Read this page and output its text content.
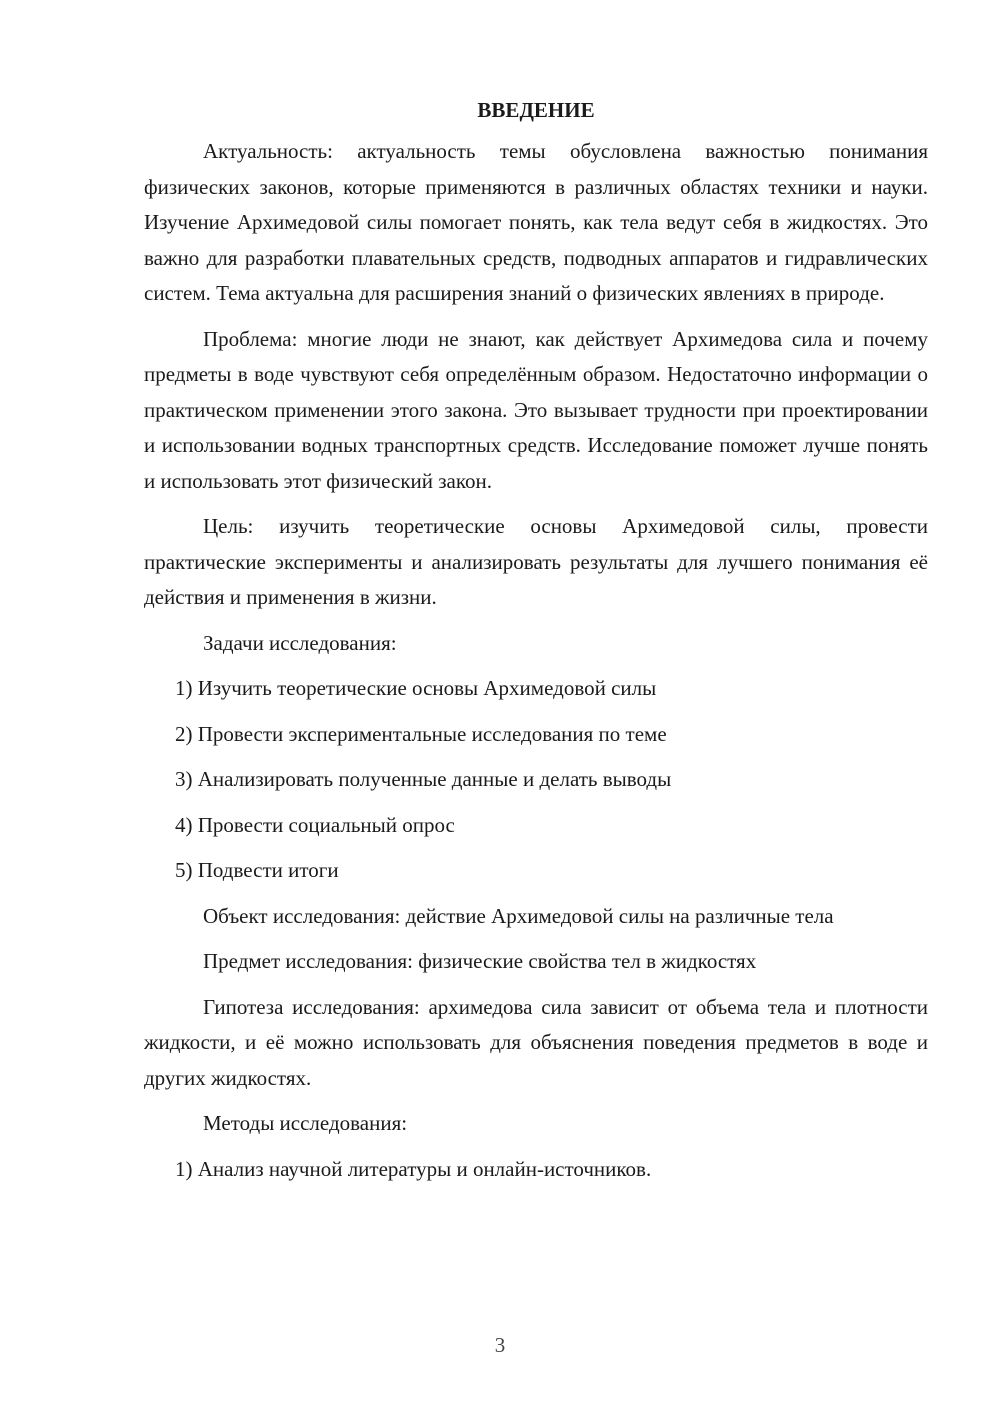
ВВЕДЕНИЕ

Актуальность: актуальность темы обусловлена важностью понимания физических законов, которые применяются в различных областях техники и науки. Изучение Архимедовой силы помогает понять, как тела ведут себя в жидкостях. Это важно для разработки плавательных средств, подводных аппаратов и гидравлических систем. Тема актуальна для расширения знаний о физических явлениях в природе.

Проблема: многие люди не знают, как действует Архимедова сила и почему предметы в воде чувствуют себя определённым образом. Недостаточно информации о практическом применении этого закона. Это вызывает трудности при проектировании и использовании водных транспортных средств. Исследование поможет лучше понять и использовать этот физический закон.

Цель: изучить теоретические основы Архимедовой силы, провести практические эксперименты и анализировать результаты для лучшего понимания её действия и применения в жизни.

Задачи исследования:

1) Изучить теоретические основы Архимедовой силы
2) Провести экспериментальные исследования по теме
3) Анализировать полученные данные и делать выводы
4) Провести социальный опрос
5) Подвести итоги

Объект исследования: действие Архимедовой силы на различные тела

Предмет исследования: физические свойства тел в жидкостях

Гипотеза исследования: архимедова сила зависит от объема тела и плотности жидкости, и её можно использовать для объяснения поведения предметов в воде и других жидкостях.

Методы исследования:

1) Анализ научной литературы и онлайн-источников.
3
